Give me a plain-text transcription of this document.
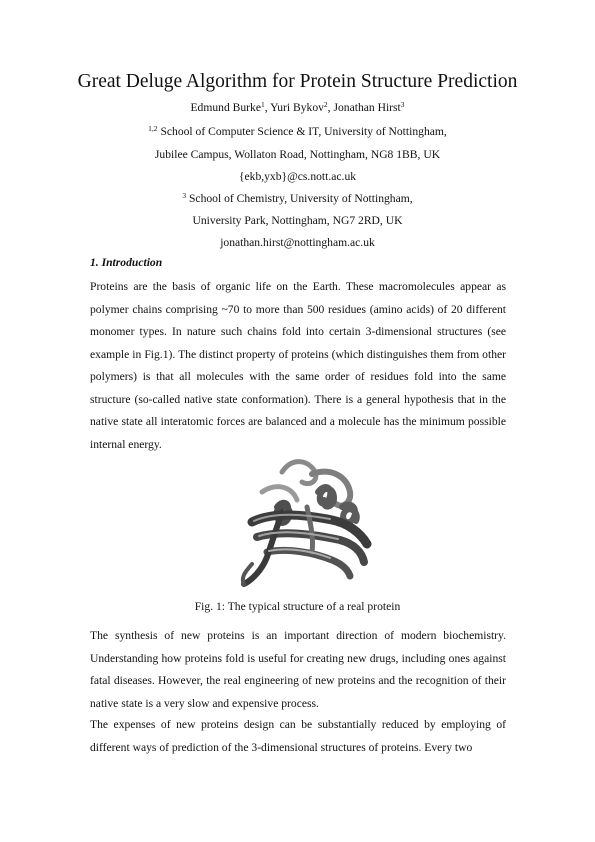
Great Deluge Algorithm for Protein Structure Prediction
Edmund Burke$^1$, Yuri Bykov$^2$, Jonathan Hirst$^3$
$^{1,2}$ School of Computer Science & IT, University of Nottingham,
Jubilee Campus, Wollaton Road, Nottingham, NG8 1BB, UK
{ekb,yxb}@cs.nott.ac.uk
$^3$ School of Chemistry, University of Nottingham,
University Park, Nottingham, NG7 2RD, UK
jonathan.hirst@nottingham.ac.uk
1. Introduction

Proteins are the basis of organic life on the Earth. These macromolecules appear as polymer chains comprising ~70 to more than 500 residues (amino acids) of 20 different monomer types. In nature such chains fold into certain 3-dimensional structures (see example in Fig.1). The distinct property of proteins (which distinguishes them from other polymers) is that all molecules with the same order of residues fold into the same structure (so-called native state conformation). There is a general hypothesis that in the native state all interatomic forces are balanced and a molecule has the minimum possible internal energy.

Fig. 1: The typical structure of a real protein

The synthesis of new proteins is an important direction of modern biochemistry. Understanding how proteins fold is useful for creating new drugs, including ones against fatal diseases. However, the real engineering of new proteins and the recognition of their native state is a very slow and expensive process.

The expenses of new proteins design can be substantially reduced by employing of different ways of prediction of the 3-dimensional structures of proteins. Every two
